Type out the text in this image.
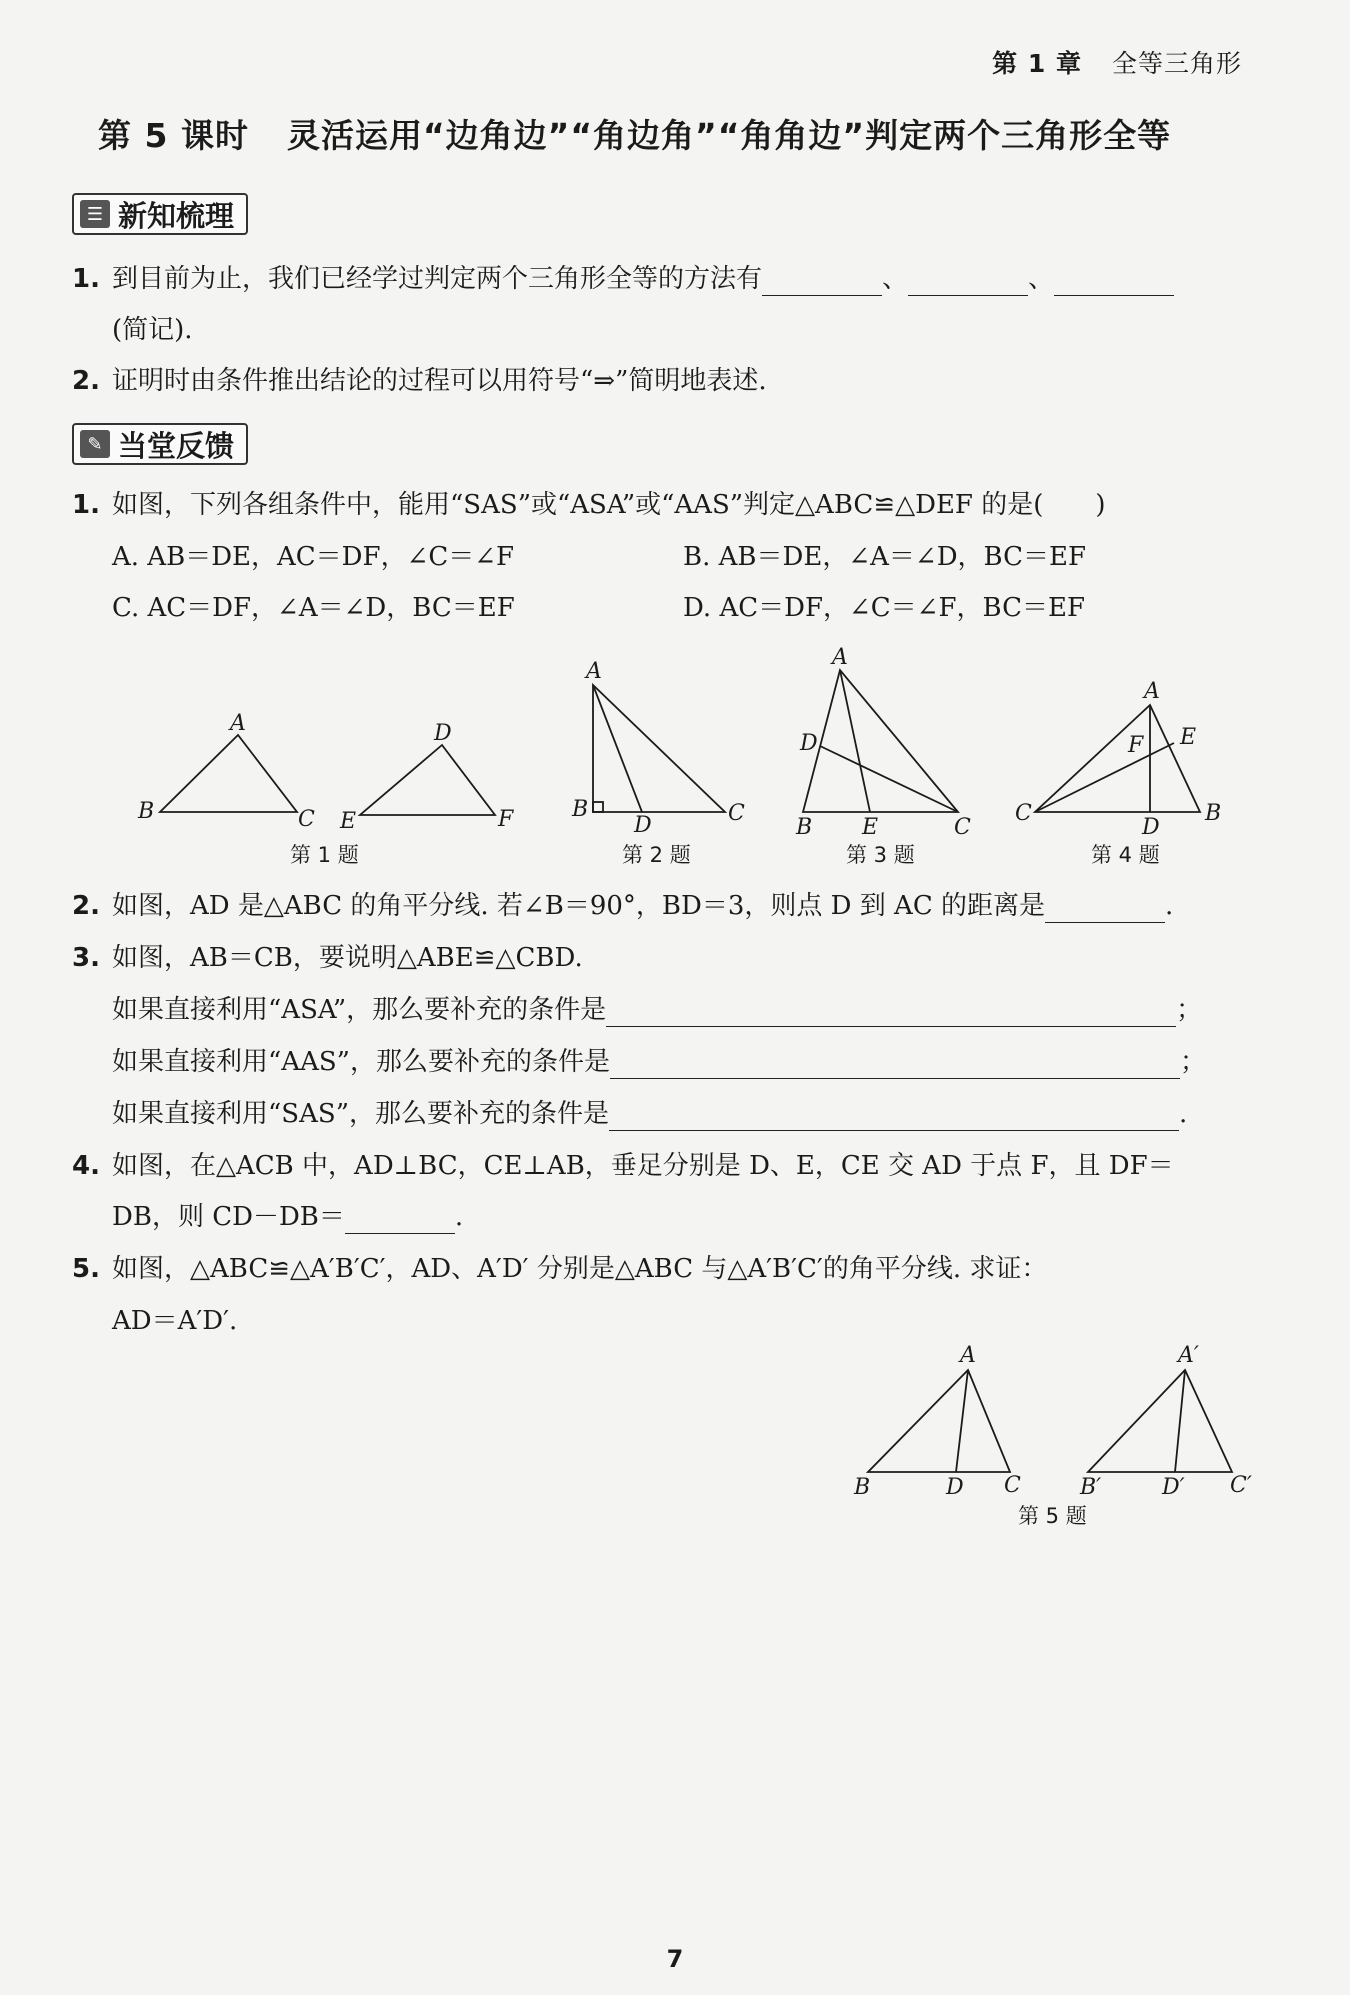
第 1 章 全等三角形
第 5 课时 灵活运用“边角边”“角边角”“角角边”判定两个三角形全等
☰ 新知梳理
1. 到目前为止，我们已经学过判定两个三角形全等的方法有	、	、
(简记).
2. 证明时由条件推出结论的过程可以用符号“⇒”简明地表述.
✎ 当堂反馈
1. 如图，下列各组条件中，能用“SAS”或“ASA”或“AAS”判定△ABC≌△DEF 的是(　　)
A. AB＝DE，AC＝DF，∠C＝∠F	B. AB＝DE，∠A＝∠D，BC＝EF
C. AC＝DF，∠A＝∠D，BC＝EF	D. AC＝DF，∠C＝∠F，BC＝EF
A
B	C
D
E	F
A
B
D	C
A
D
B E	C
A
F E
C
D
B
第 1 题	第 2 题	第 3 题	第 4 题
2. 如图，AD 是△ABC 的角平分线. 若∠B＝90°，BD＝3，则点 D 到 AC 的距离是	.
3. 如图，AB＝CB，要说明△ABE≌△CBD.
如果直接利用“ASA”，那么要补充的条件是	；
如果直接利用“AAS”，那么要补充的条件是	；
如果直接利用“SAS”，那么要补充的条件是	.
4. 如图，在△ACB 中，AD⊥BC，CE⊥AB，垂足分别是 D、E，CE 交 AD 于点 F，且 DF＝
DB，则 CD－DB＝	.
5. 如图，△ABC≌△A′B′C′，AD、A′D′ 分别是△ABC 与△A′B′C′的角平分线. 求证：
AD＝A′D′.
A
B	D C
A′
B′	D′ C′
第 5 题
7
